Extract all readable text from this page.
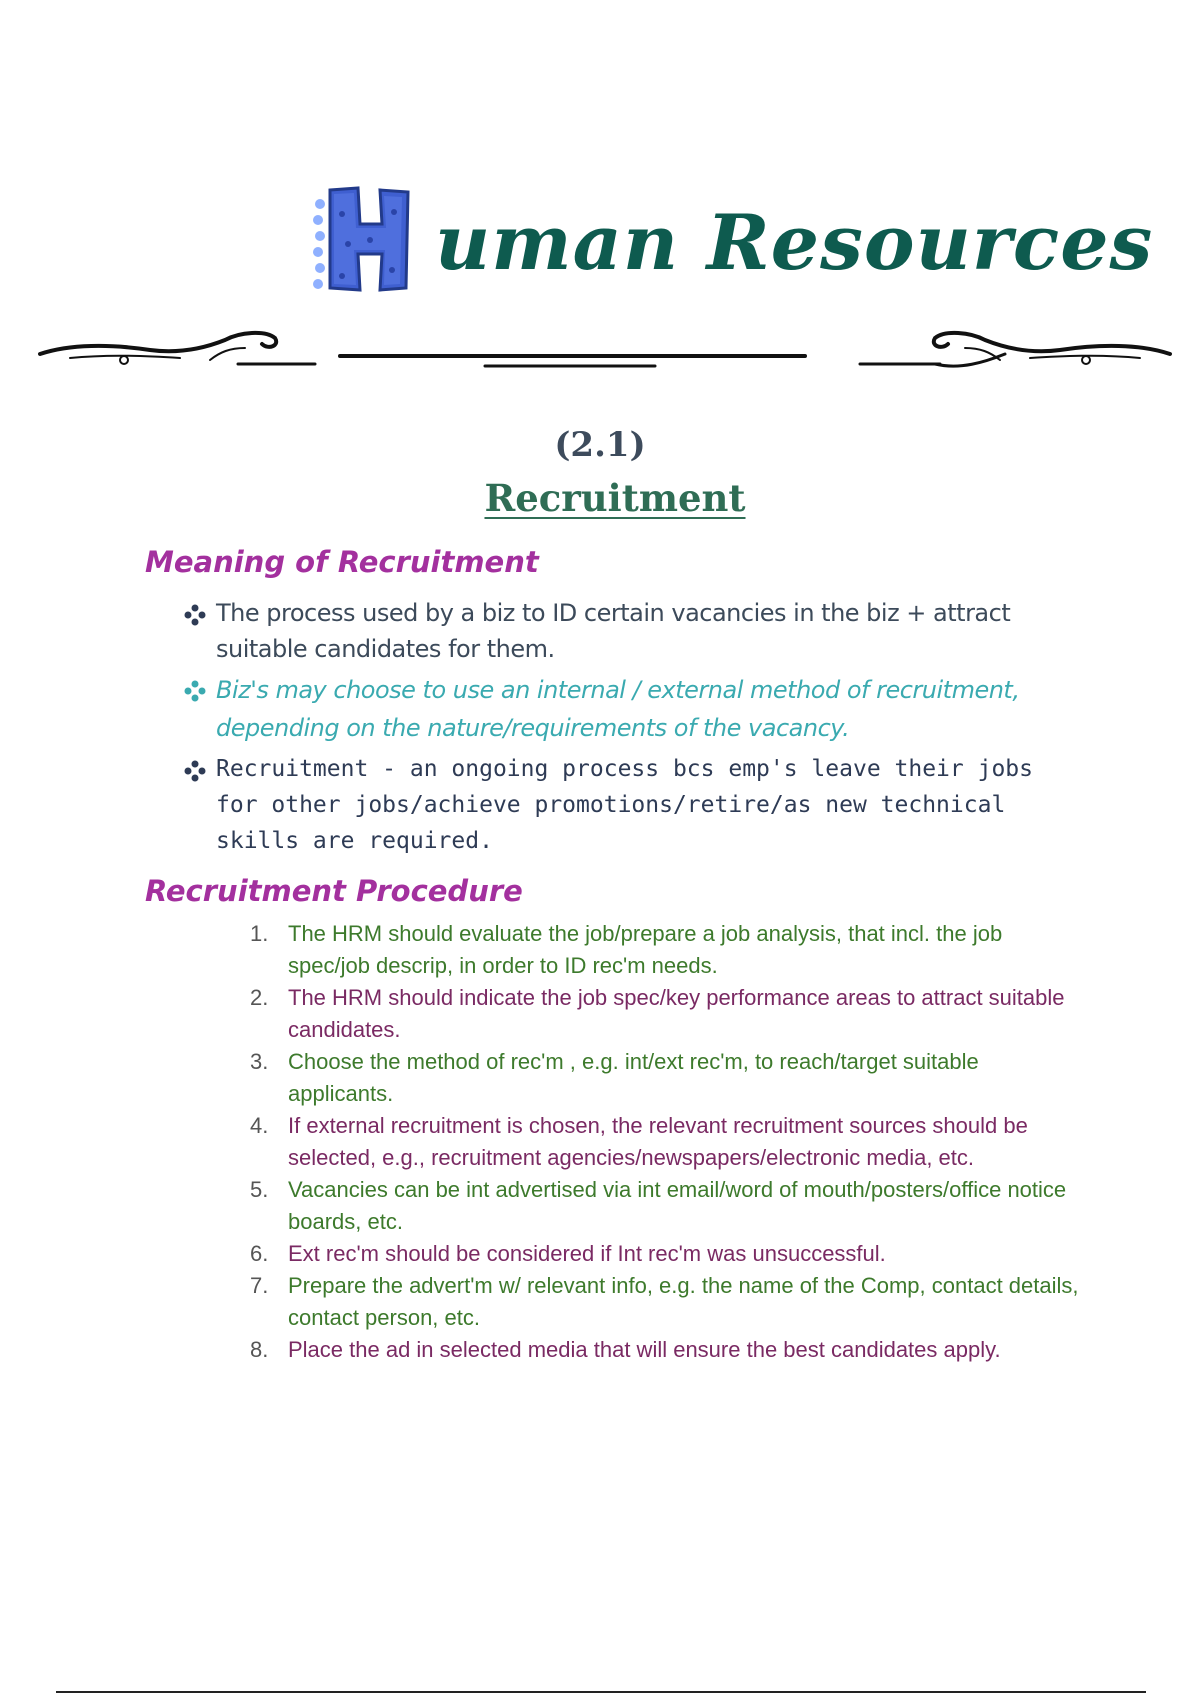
H
uman Resources
(2.1)
Recruitment
Meaning of Recruitment
The process used by a biz to ID certain vacancies in the biz + attract suitable candidates for them.
Biz's may choose to use an internal / external method of recruitment, depending on the nature/requirements of the vacancy.
Recruitment - an ongoing process bcs emp's leave their jobs for other jobs/achieve promotions/retire/as new technical skills are required.
Recruitment Procedure
1. The HRM should evaluate the job/prepare a job analysis, that incl. the job spec/job descrip, in order to ID rec'm needs.
2. The HRM should indicate the job spec/key performance areas to attract suitable candidates.
3. Choose the method of rec'm , e.g. int/ext rec'm, to reach/target suitable applicants.
4. If external recruitment is chosen, the relevant recruitment sources should be selected, e.g., recruitment agencies/newspapers/electronic media, etc.
5. Vacancies can be int advertised via int email/word of mouth/posters/office notice boards, etc.
6. Ext rec'm should be considered if Int rec'm was unsuccessful.
7. Prepare the advert'm w/ relevant info, e.g. the name of the Comp, contact details, contact person, etc.
8. Place the ad in selected media that will ensure the best candidates apply.
